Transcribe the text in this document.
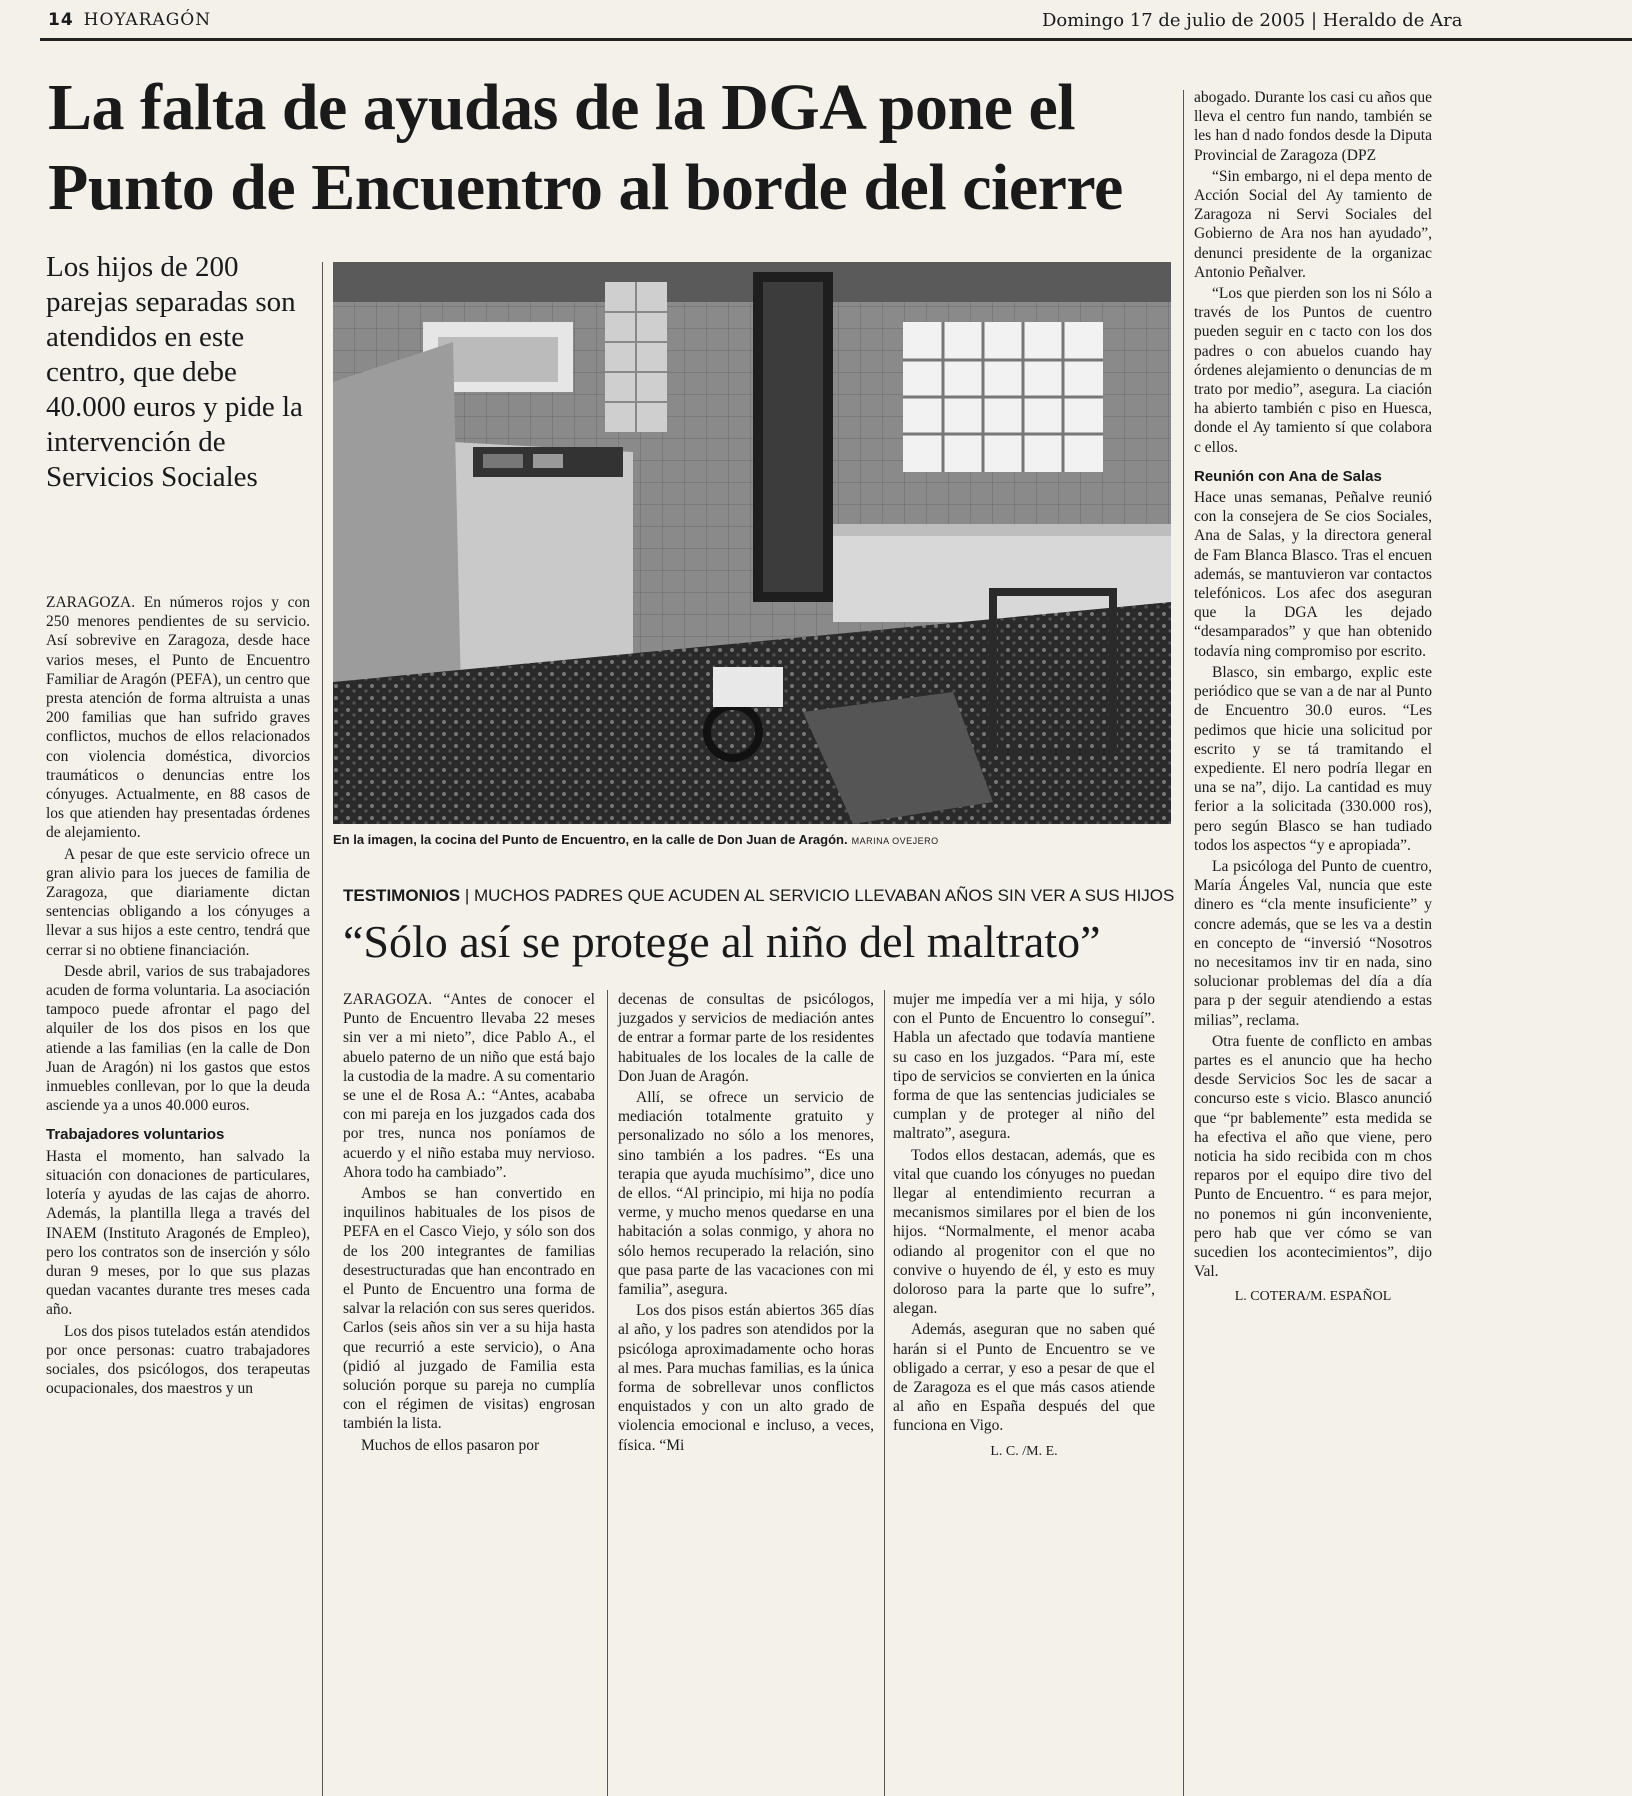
14 HOYARAGÓN	Domingo 17 de julio de 2005 | Heraldo de Ara
La falta de ayudas de la DGA pone el
Punto de Encuentro al borde del cierre
Los hijos de 200 parejas separadas son atendidos en este centro, que debe 40.000 euros y pide la intervención de Servicios Sociales

ZARAGOZA. En números rojos y con 250 menores pendientes de su servicio. Así sobrevive en Zaragoza, desde hace varios meses, el Punto de Encuentro Familiar de Aragón (PEFA), un centro que presta atención de forma altruista a unas 200 familias que han sufrido graves conflictos, muchos de ellos relacionados con violencia doméstica, divorcios traumáticos o denuncias entre los cónyuges. Actualmente, en 88 casos de los que atienden hay presentadas órdenes de alejamiento.

A pesar de que este servicio ofrece un gran alivio para los jueces de familia de Zaragoza, que diariamente dictan sentencias obligando a los cónyuges a llevar a sus hijos a este centro, tendrá que cerrar si no obtiene financiación.

Desde abril, varios de sus trabajadores acuden de forma voluntaria. La asociación tampoco puede afrontar el pago del alquiler de los dos pisos en los que atiende a las familias (en la calle de Don Juan de Aragón) ni los gastos que estos inmuebles conllevan, por lo que la deuda asciende ya a unos 40.000 euros.

Trabajadores voluntarios

Hasta el momento, han salvado la situación con donaciones de particulares, lotería y ayudas de las cajas de ahorro. Además, la plantilla llega a través del INAEM (Instituto Aragonés de Empleo), pero los contratos son de inserción y sólo duran 9 meses, por lo que sus plazas quedan vacantes durante tres meses cada año.

Los dos pisos tutelados están atendidos por once personas: cuatro trabajadores sociales, dos psicólogos, dos terapeutas ocupacionales, dos maestros y un

En la imagen, la cocina del Punto de Encuentro, en la calle de Don Juan de Aragón. MARINA OVEJERO
TESTIMONIOS | MUCHOS PADRES QUE ACUDEN AL SERVICIO LLEVABAN AÑOS SIN VER A SUS HIJOS
“Sólo así se protege al niño del maltrato”

ZARAGOZA. “Antes de conocer el Punto de Encuentro llevaba 22 meses sin ver a mi nieto”, dice Pablo A., el abuelo paterno de un niño que está bajo la custodia de la madre. A su comentario se une el de Rosa A.: “Antes, acababa con mi pareja en los juzgados cada dos por tres, nunca nos poníamos de acuerdo y el niño estaba muy nervioso. Ahora todo ha cambiado”.

Ambos se han convertido en inquilinos habituales de los pisos de PEFA en el Casco Viejo, y sólo son dos de los 200 integrantes de familias desestructuradas que han encontrado en el Punto de Encuentro una forma de salvar la relación con sus seres queridos. Carlos (seis años sin ver a su hija hasta que recurrió a este servicio), o Ana (pidió al juzgado de Familia esta solución porque su pareja no cumplía con el régimen de visitas) engrosan también la lista.

Muchos de ellos pasaron por

decenas de consultas de psicólogos, juzgados y servicios de mediación antes de entrar a formar parte de los residentes habituales de los locales de la calle de Don Juan de Aragón.

Allí, se ofrece un servicio de mediación totalmente gratuito y personalizado no sólo a los menores, sino también a los padres. “Es una terapia que ayuda muchísimo”, dice uno de ellos. “Al principio, mi hija no podía verme, y mucho menos quedarse en una habitación a solas conmigo, y ahora no sólo hemos recuperado la relación, sino que pasa parte de las vacaciones con mi familia”, asegura.

Los dos pisos están abiertos 365 días al año, y los padres son atendidos por la psicóloga aproximadamente ocho horas al mes. Para muchas familias, es la única forma de sobrellevar unos conflictos enquistados y con un alto grado de violencia emocional e incluso, a veces, física. “Mi

mujer me impedía ver a mi hija, y sólo con el Punto de Encuentro lo conseguí”. Habla un afectado que todavía mantiene su caso en los juzgados. “Para mí, este tipo de servicios se convierten en la única forma de que las sentencias judiciales se cumplan y de proteger al niño del maltrato”, asegura.

Todos ellos destacan, además, que es vital que cuando los cónyuges no puedan llegar al entendimiento recurran a mecanismos similares por el bien de los hijos. “Normalmente, el menor acaba odiando al progenitor con el que no convive o huyendo de él, y esto es muy doloroso para la parte que lo sufre”, alegan.

Además, aseguran que no saben qué harán si el Punto de Encuentro se ve obligado a cerrar, y eso a pesar de que el de Zaragoza es el que más casos atiende al año en España después del que funciona en Vigo.

L. C. /M. E.

abogado. Durante los casi cu años que lleva el centro fun nando, también se les han d nado fondos desde la Diputa Provincial de Zaragoza (DPZ

“Sin embargo, ni el depa mento de Acción Social del Ay tamiento de Zaragoza ni Servi Sociales del Gobierno de Ara nos han ayudado”, denunci presidente de la organizac Antonio Peñalver.

“Los que pierden son los ni Sólo a través de los Puntos de cuentro pueden seguir en c tacto con los dos padres o con abuelos cuando hay órdenes alejamiento o denuncias de m trato por medio”, asegura. La ciación ha abierto también c piso en Huesca, donde el Ay tamiento sí que colabora c ellos.

Reunión con Ana de Salas

Hace unas semanas, Peñalve reunió con la consejera de Se cios Sociales, Ana de Salas, y la directora general de Fam Blanca Blasco. Tras el encuen además, se mantuvieron var contactos telefónicos. Los afec dos aseguran que la DGA les dejado “desamparados” y que han obtenido todavía ning compromiso por escrito.

Blasco, sin embargo, explic este periódico que se van a de nar al Punto de Encuentro 30.0 euros. “Les pedimos que hicie una solicitud por escrito y se tá tramitando el expediente. El nero podría llegar en una se na”, dijo. La cantidad es muy ferior a la solicitada (330.000 ros), pero según Blasco se han tudiado todos los aspectos “y e apropiada”.

La psicóloga del Punto de cuentro, María Ángeles Val, nuncia que este dinero es “cla mente insuficiente” y concre además, que se les va a destin en concepto de “inversió “Nosotros no necesitamos inv tir en nada, sino solucionar problemas del día a día para p der seguir atendiendo a estas milias”, reclama.

Otra fuente de conflicto en ambas partes es el anuncio que ha hecho desde Servicios Soc les de sacar a concurso este s vicio. Blasco anunció que “pr bablemente” esta medida se ha efectiva el año que viene, pero noticia ha sido recibida con m chos reparos por el equipo dire tivo del Punto de Encuentro. “ es para mejor, no ponemos ni gún inconveniente, pero hab que ver cómo se van sucedien los acontecimientos”, dijo Val.

L. COTERA/M. ESPAÑOL
